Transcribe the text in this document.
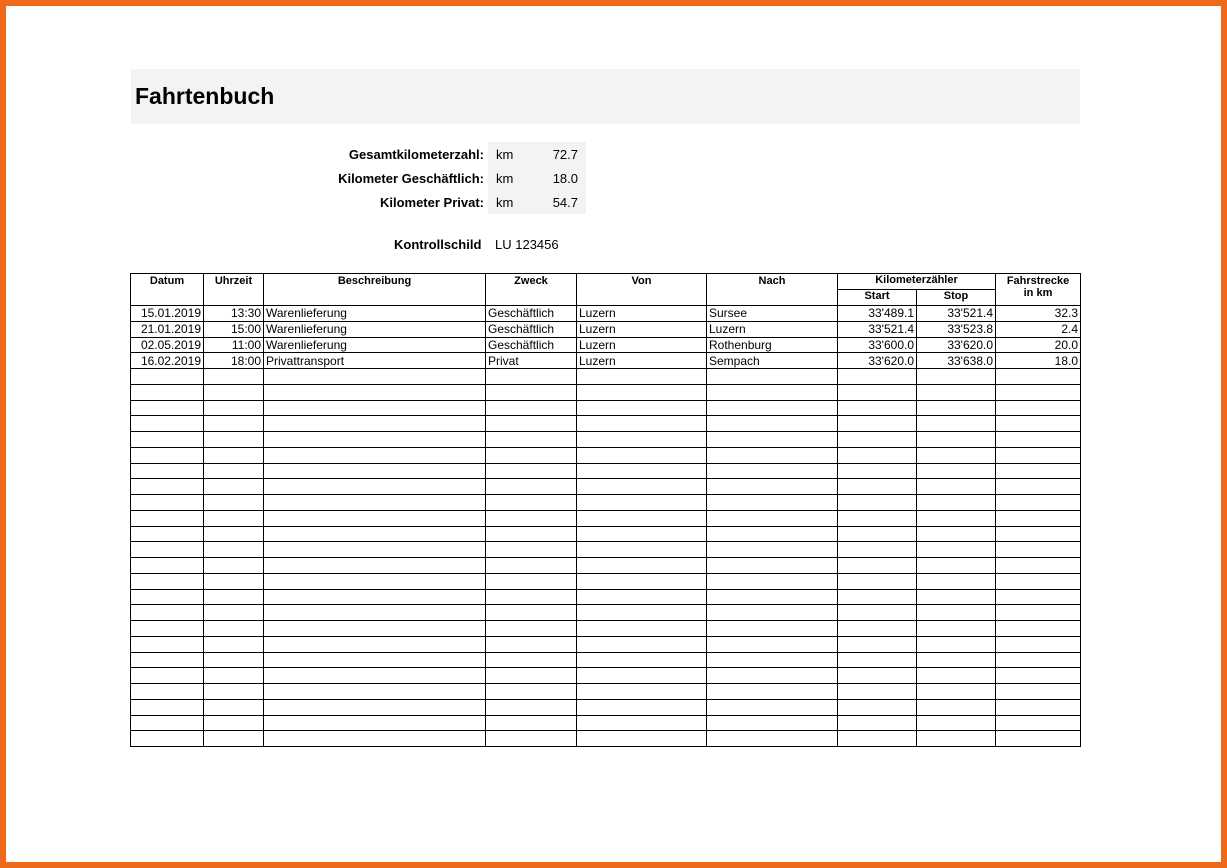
Fahrtenbuch
Gesamtkilometerzahl:	km	72.7
Kilometer Geschäftlich:	km	18.0
Kilometer Privat:	km	54.7
Kontrollschild LU 123456
Datum	Uhrzeit	Beschreibung	Zweck	Von	Nach	Kilometerzähler		Fahrstrecke
in km

						Start	Stop	
15.01.2019	13:30	Warenlieferung	Geschäftlich	Luzern	Sursee	33'489.1	33'521.4	32.3
21.01.2019	15:00	Warenlieferung	Geschäftlich	Luzern	Luzern	33'521.4	33'523.8	2.4
02.05.2019	11:00	Warenlieferung	Geschäftlich	Luzern	Rothenburg	33'600.0	33'620.0	20.0
16.02.2019	18:00	Privattransport	Privat	Luzern	Sempach	33'620.0	33'638.0	18.0
